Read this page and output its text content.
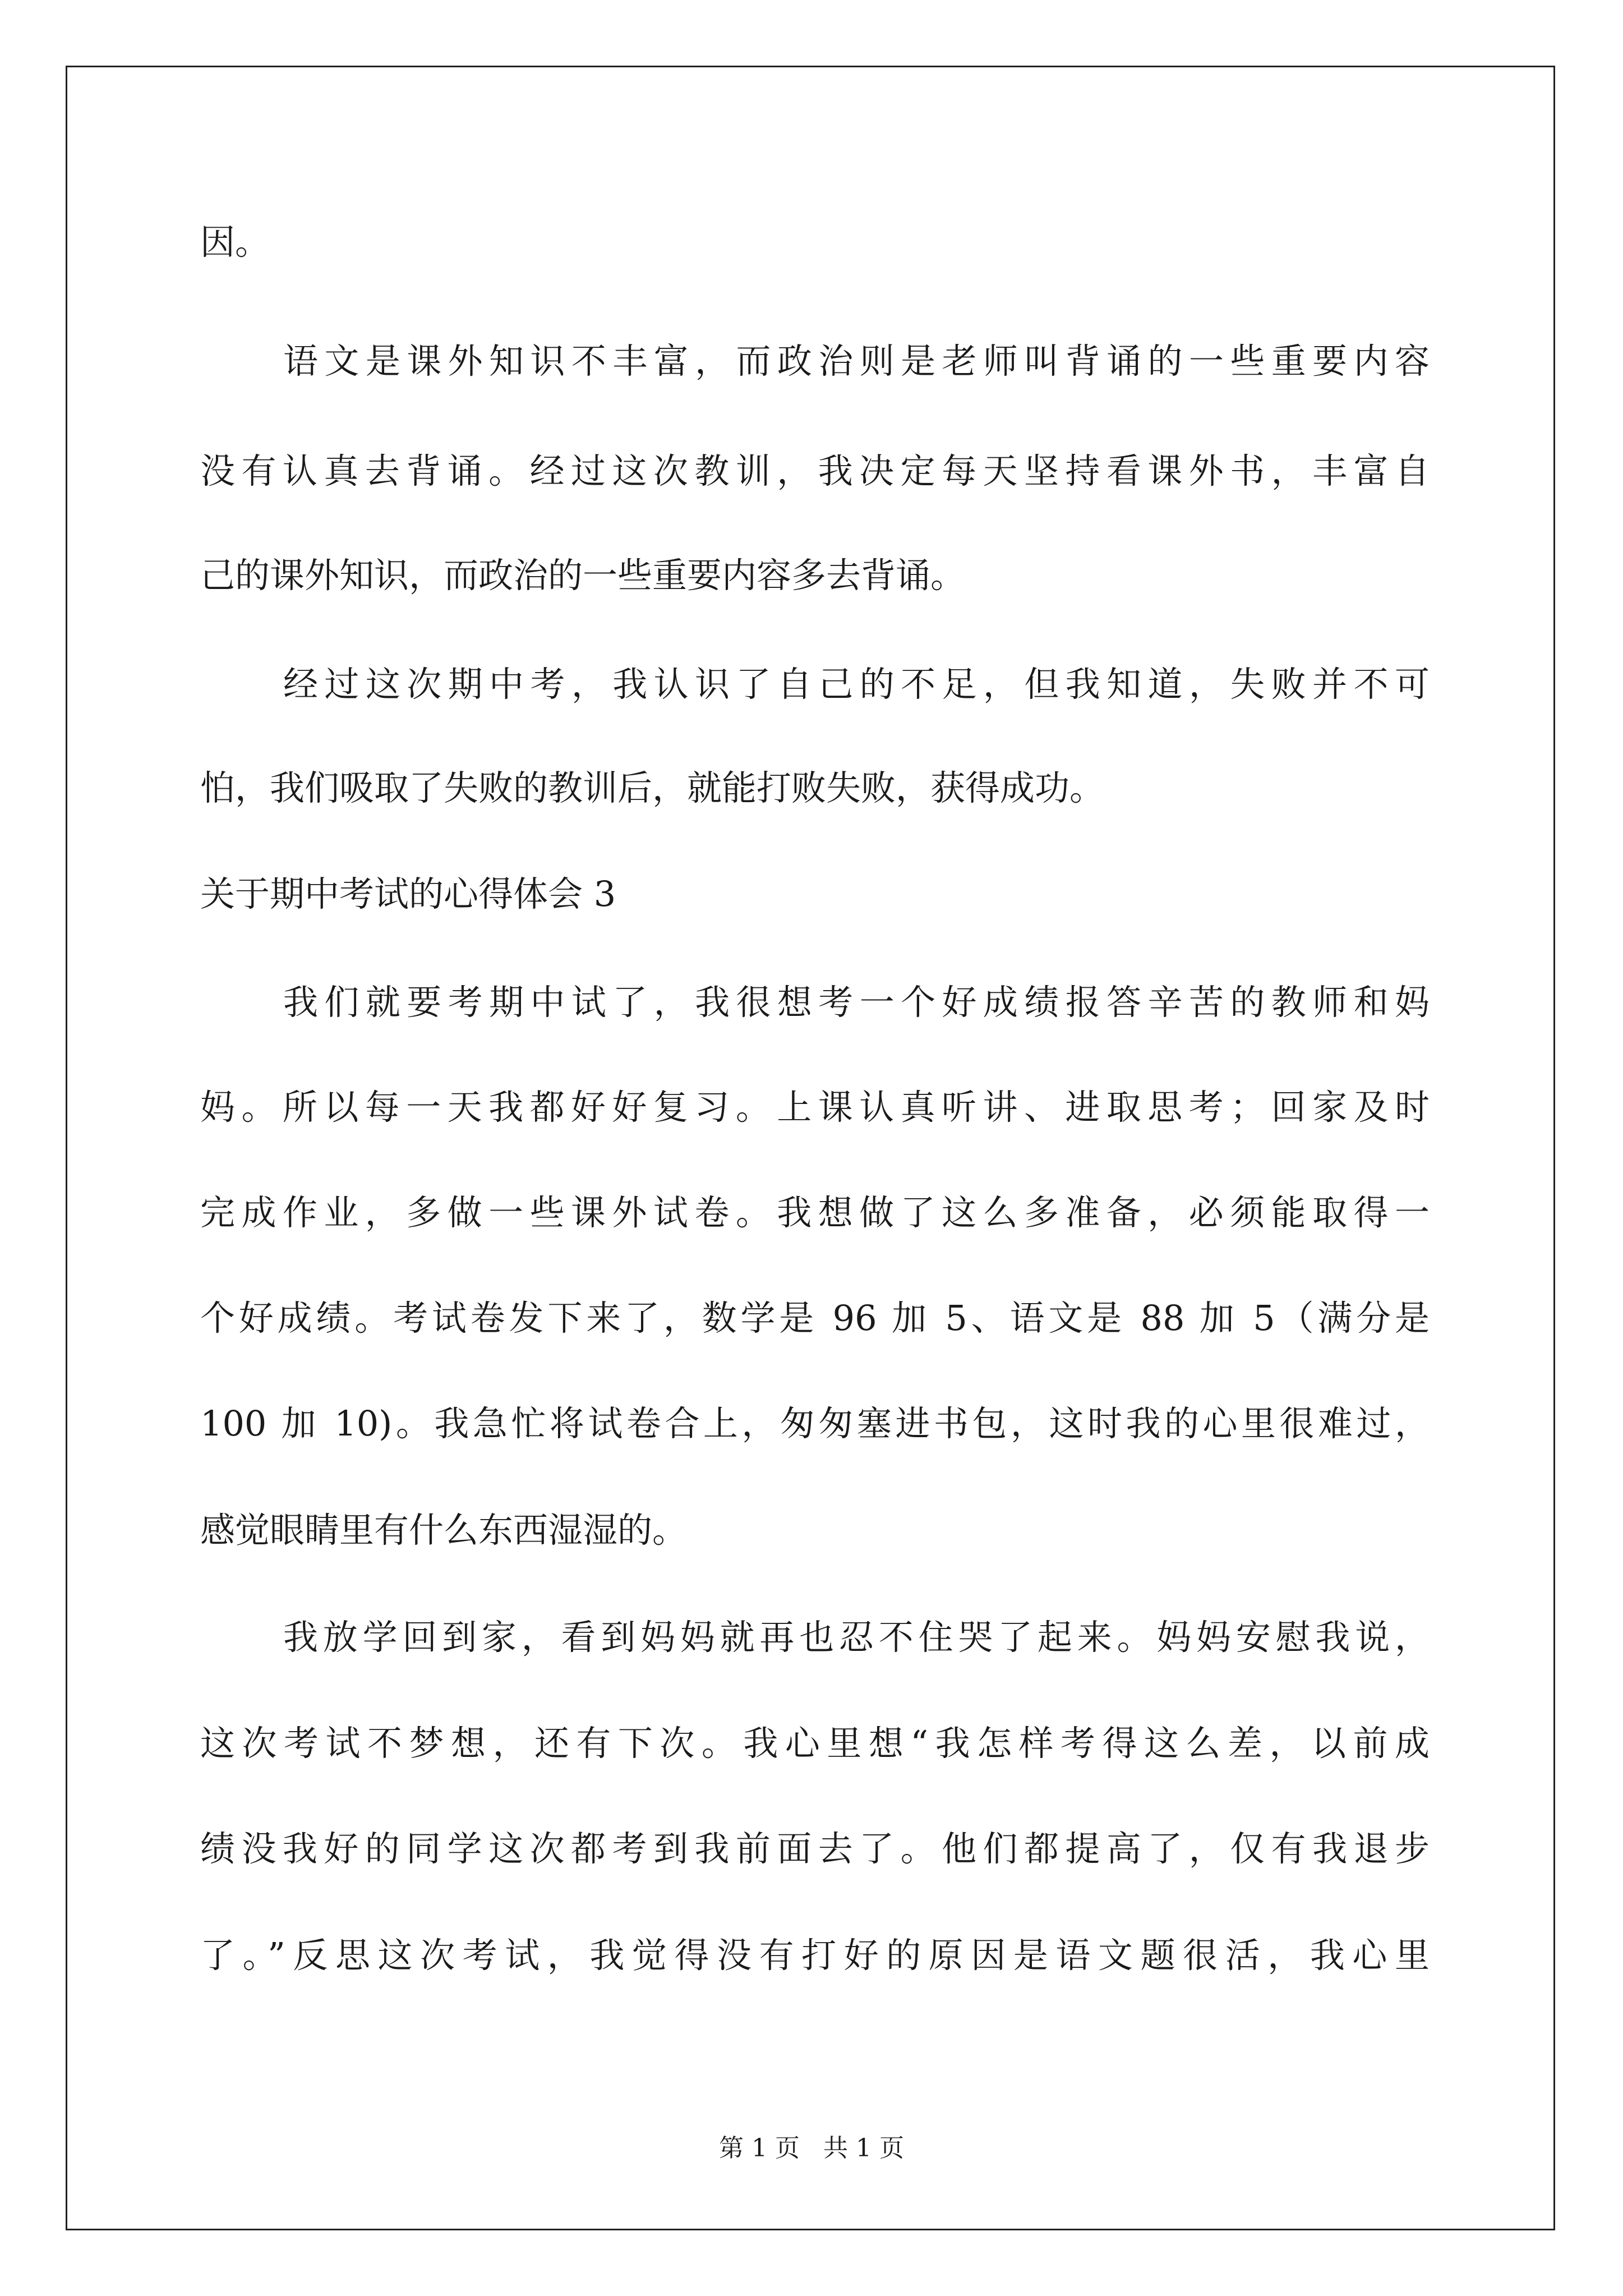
因。

语文是课外知识不丰富，而政治则是老师叫背诵的一些重要内容

没有认真去背诵。经过这次教训，我决定每天坚持看课外书，丰富自

己的课外知识，而政治的一些重要内容多去背诵。

经过这次期中考，我认识了自己的不足，但我知道，失败并不可

怕，我们吸取了失败的教训后，就能打败失败，获得成功。

关于期中考试的心得体会 3

我们就要考期中试了，我很想考一个好成绩报答辛苦的教师和妈

妈。所以每一天我都好好复习。上课认真听讲、进取思考；回家及时

完成作业，多做一些课外试卷。我想做了这么多准备，必须能取得一

个好成绩。考试卷发下来了，数学是 96 加 5、语文是 88 加 5（满分是

100 加 10)。我急忙将试卷合上，匆匆塞进书包，这时我的心里很难过，

感觉眼睛里有什么东西湿湿的。

我放学回到家，看到妈妈就再也忍不住哭了起来。妈妈安慰我说，

这次考试不梦想，还有下次。我心里想“我怎样考得这么差，以前成

绩没我好的同学这次都考到我前面去了。他们都提高了，仅有我退步

了。”反思这次考试，我觉得没有打好的原因是语文题很活，我心里

第 1 页   共 1 页
